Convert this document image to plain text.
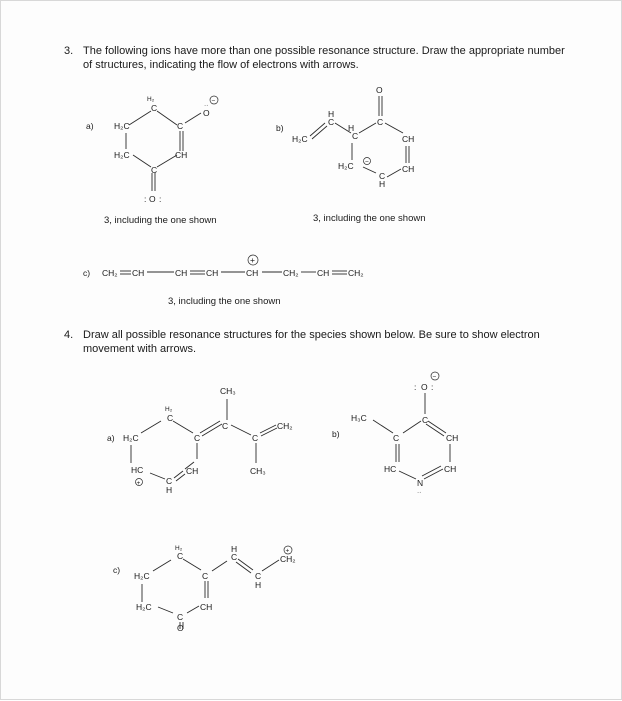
3. The following ions have more than one possible resonance structure. Draw the appropriate number
of structures, indicating the flow of electrons with arrows.
a)
H₂
C
H₂C	C
H₂C	CH
C
O
: :
O
··
−
3, including the one shown
b)
H₂C
H
C
H
C
C
O
CH
CH
C
H
−
H₂C
3, including the one shown
c) CH₂ CH	CH CH	CH
+
CH₂ CH CH₂
3, including the one shown
4. Draw all possible resonance structures for the species shown below. Be sure to show electron
movement with arrows.
a) H₂C
H₂
C
C
CH
C
H
HC
+
C
CH₃
C
CH₃
CH₂
b)
H₃C
C
HC
N
··
CH
CH
C
O
: :
−
c)
H₂C
H₂
C
C
CH
C
O
H₂C
H
C
C
H
CH₂
+
